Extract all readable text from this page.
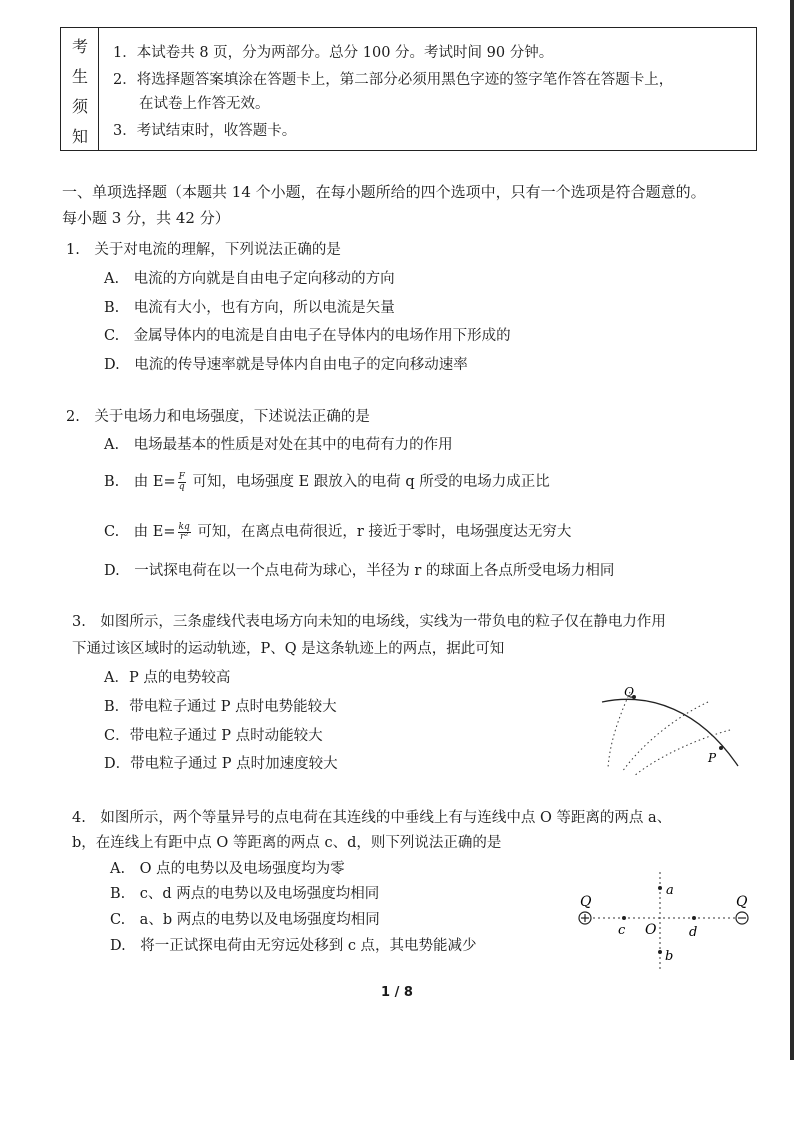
考
生
须
知
1．本试卷共 8 页，分为两部分。总分 100 分。考试时间 90 分钟。
2．将选择题答案填涂在答题卡上，第二部分必须用黑色字迹的签字笔作答在答题卡上，
在试卷上作答无效。
3．考试结束时，收答题卡。
一、单项选择题（本题共 14 个小题，在每小题所给的四个选项中，只有一个选项是符合题意的。
每小题 3 分，共 42 分）
1.　关于对电流的理解，下列说法正确的是
A.　电流的方向就是自由电子定向移动的方向
B.　电流有大小，也有方向，所以电流是矢量
C.　金属导体内的电流是自由电子在导体内的电场作用下形成的
D.　电流的传导速率就是导体内自由电子的定向移动速率
2.　关于电场力和电场强度，下述说法正确的是
A.　电场最基本的性质是对处在其中的电荷有力的作用
B.　由 $E= \frac{F}{q}$ 可知，电场强度 E 跟放入的电荷 q 所受的电场力成正比
C.　由 $E= \frac{kq}{\text{r²}}$ 可知，在离点电荷很近，r 接近于零时，电场强度达无穷大
D.　一试探电荷在以一个点电荷为球心，半径为 r 的球面上各点所受电场力相同
3.　如图所示，三条虚线代表电场方向未知的电场线，实线为一带负电的粒子仅在静电力作用
下通过该区域时的运动轨迹，P、Q 是这条轨迹上的两点，据此可知
A．P 点的电势较高
B．带电粒子通过 P 点时电势能较大
C．带电粒子通过 P 点时动能较大
D．带电粒子通过 P 点时加速度较大
Q
P
4.　如图所示，两个等量异号的点电荷在其连线的中垂线上有与连线中点 O 等距离的两点 a、
b，在连线上有距中点 O 等距离的两点 c、d，则下列说法正确的是
A.　O 点的电势以及电场强度均为零
B.　c、d 两点的电势以及电场强度均相同
C.　a、b 两点的电势以及电场强度均相同
D.　将一正试探电荷由无穷远处移到 c 点，其电势能减少
Q	Q
a
b
c	d
O
1 / 8
